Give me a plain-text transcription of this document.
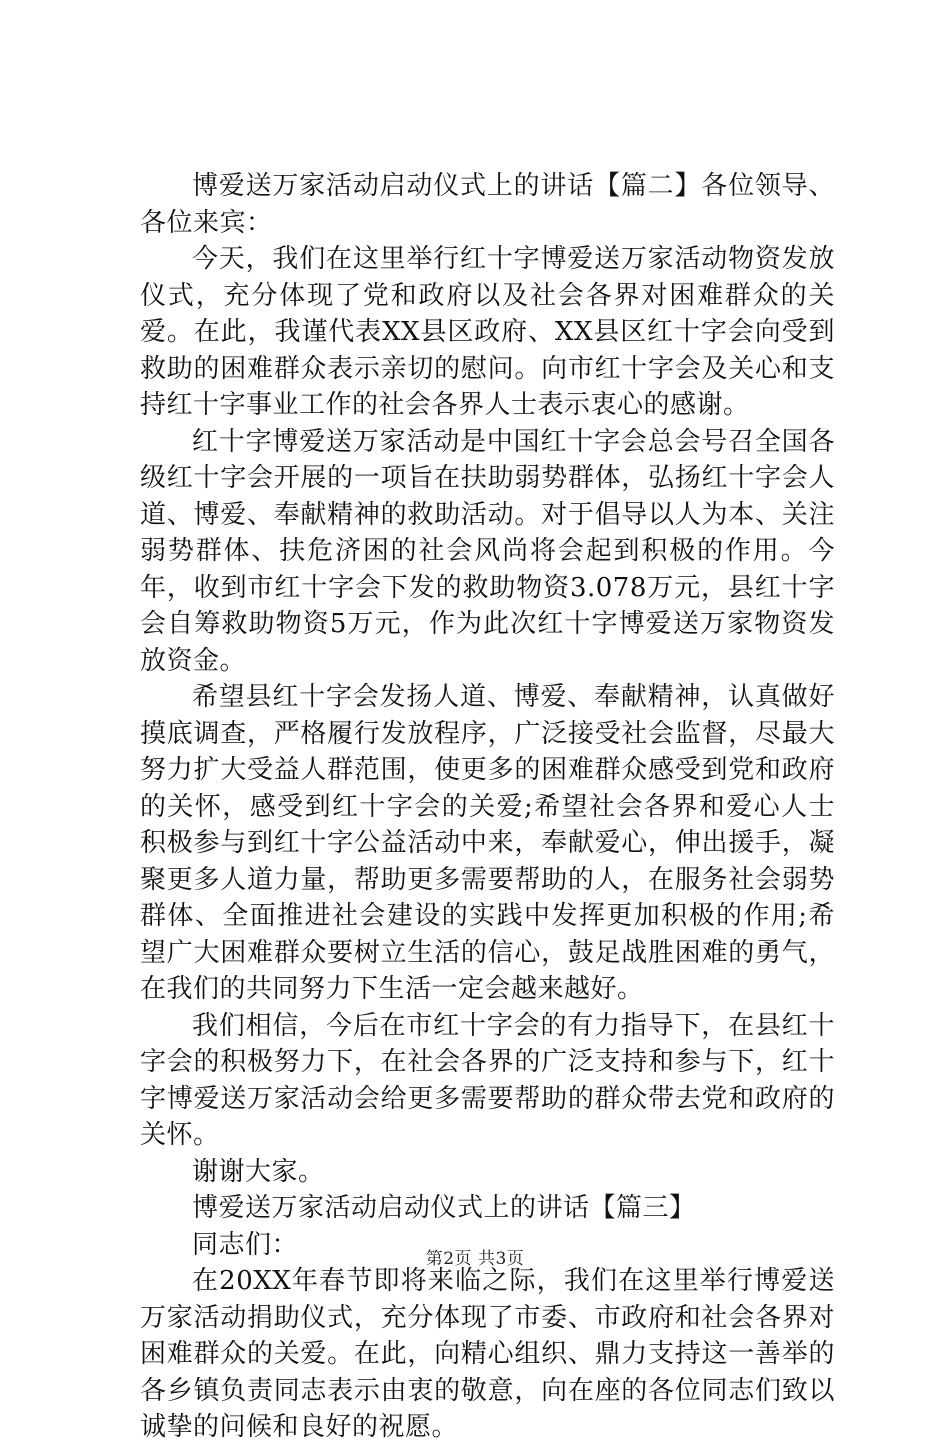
博爱送万家活动启动仪式上的讲话【篇二】各位领导、各位来宾：

今天，我们在这里举行红十字博爱送万家活动物资发放仪式，充分体现了党和政府以及社会各界对困难群众的关爱。在此，我谨代表XX县区政府、XX县区红十字会向受到救助的困难群众表示亲切的慰问。向市红十字会及关心和支持红十字事业工作的社会各界人士表示衷心的感谢。

红十字博爱送万家活动是中国红十字会总会号召全国各级红十字会开展的一项旨在扶助弱势群体，弘扬红十字会人道、博爱、奉献精神的救助活动。对于倡导以人为本、关注弱势群体、扶危济困的社会风尚将会起到积极的作用。今年，收到市红十字会下发的救助物资3.078万元，县红十字会自筹救助物资5万元，作为此次红十字博爱送万家物资发放资金。

希望县红十字会发扬人道、博爱、奉献精神，认真做好摸底调查，严格履行发放程序，广泛接受社会监督，尽最大努力扩大受益人群范围，使更多的困难群众感受到党和政府的关怀，感受到红十字会的关爱;希望社会各界和爱心人士积极参与到红十字公益活动中来，奉献爱心，伸出援手，凝聚更多人道力量，帮助更多需要帮助的人，在服务社会弱势群体、全面推进社会建设的实践中发挥更加积极的作用;希望广大困难群众要树立生活的信心，鼓足战胜困难的勇气，在我们的共同努力下生活一定会越来越好。

我们相信，今后在市红十字会的有力指导下，在县红十字会的积极努力下，在社会各界的广泛支持和参与下，红十字博爱送万家活动会给更多需要帮助的群众带去党和政府的关怀。

谢谢大家。

博爱送万家活动启动仪式上的讲话【篇三】

同志们：

在20XX年春节即将来临之际，我们在这里举行博爱送万家活动捐助仪式，充分体现了市委、市政府和社会各界对困难群众的关爱。在此，向精心组织、鼎力支持这一善举的各乡镇负责同志表示由衷的敬意，向在座的各位同志们致以诚挚的问候和良好的祝愿。

第2页 共3页
